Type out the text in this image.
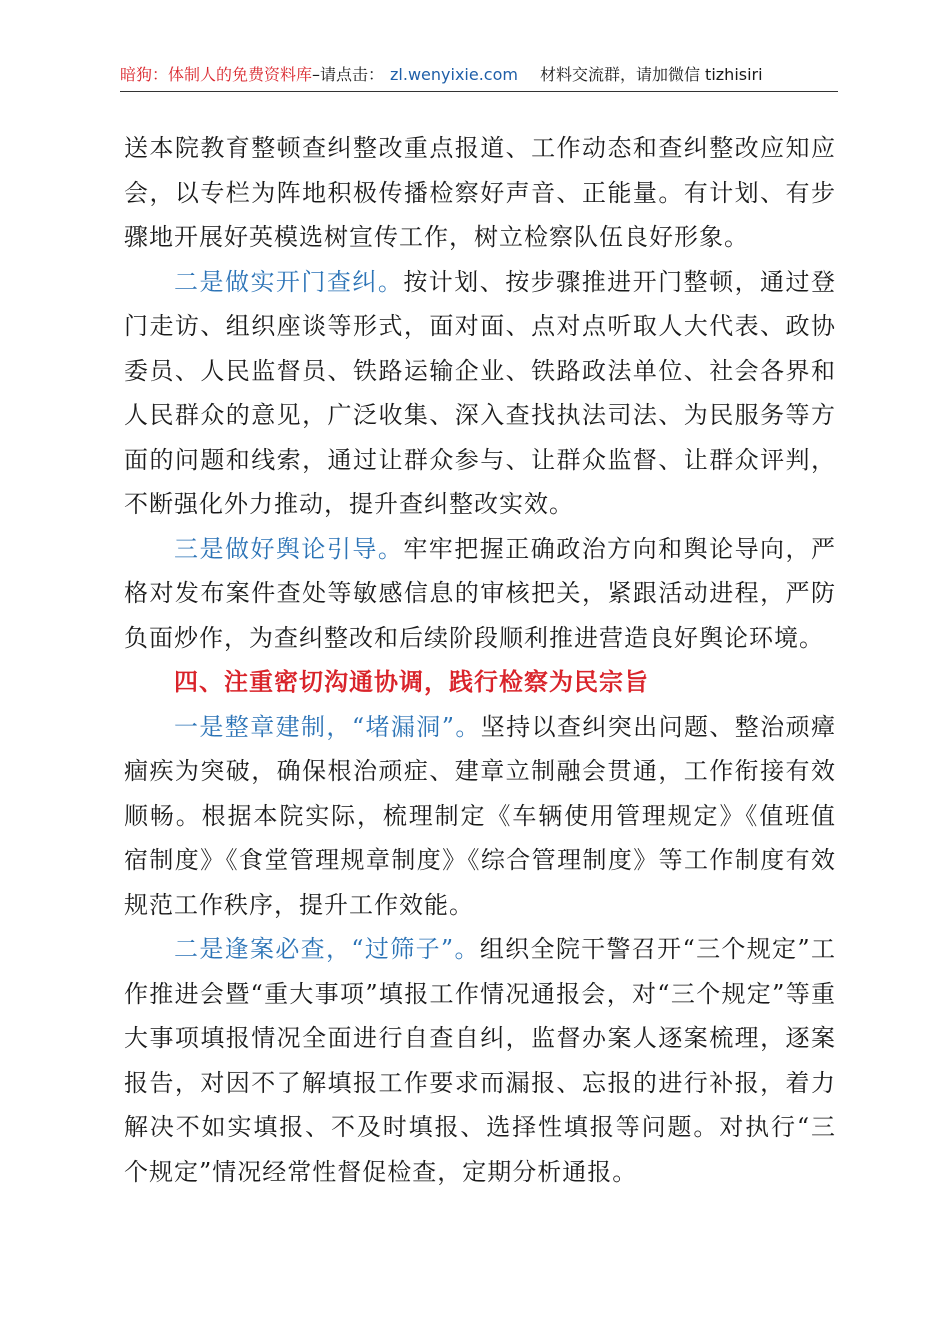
暗狗：体制人的免费资料库 –请点击： zl.wenyixie.com 材料交流群，请加微信 tizhisiri

送本院教育整顿查纠整改重点报道、工作动态和查纠整改应知应会，以专栏为阵地积极传播检察好声音、正能量。有计划、有步骤地开展好英模选树宣传工作，树立检察队伍良好形象。

二是做实开门查纠。按计划、按步骤推进开门整顿，通过登门走访、组织座谈等形式，面对面、点对点听取人大代表、政协委员、人民监督员、铁路运输企业、铁路政法单位、社会各界和人民群众的意见，广泛收集、深入查找执法司法、为民服务等方面的问题和线索，通过让群众参与、让群众监督、让群众评判，不断强化外力推动，提升查纠整改实效。

三是做好舆论引导。牢牢把握正确政治方向和舆论导向，严格对发布案件查处等敏感信息的审核把关，紧跟活动进程，严防负面炒作，为查纠整改和后续阶段顺利推进营造良好舆论环境。

四、注重密切沟通协调，践行检察为民宗旨

一是整章建制，“堵漏洞”。坚持以查纠突出问题、整治顽瘴痼疾为突破，确保根治顽症、建章立制融会贯通，工作衔接有效顺畅。根据本院实际，梳理制定《车辆使用管理规定》《值班值宿制度》《食堂管理规章制度》《综合管理制度》等工作制度有效规范工作秩序，提升工作效能。

二是逢案必查，“过筛子”。组织全院干警召开“三个规定”工作推进会暨“重大事项”填报工作情况通报会，对“三个规定”等重大事项填报情况全面进行自查自纠，监督办案人逐案梳理，逐案报告，对因不了解填报工作要求而漏报、忘报的进行补报，着力解决不如实填报、不及时填报、选择性填报等问题。对执行“三个规定”情况经常性督促检查，定期分析通报。
